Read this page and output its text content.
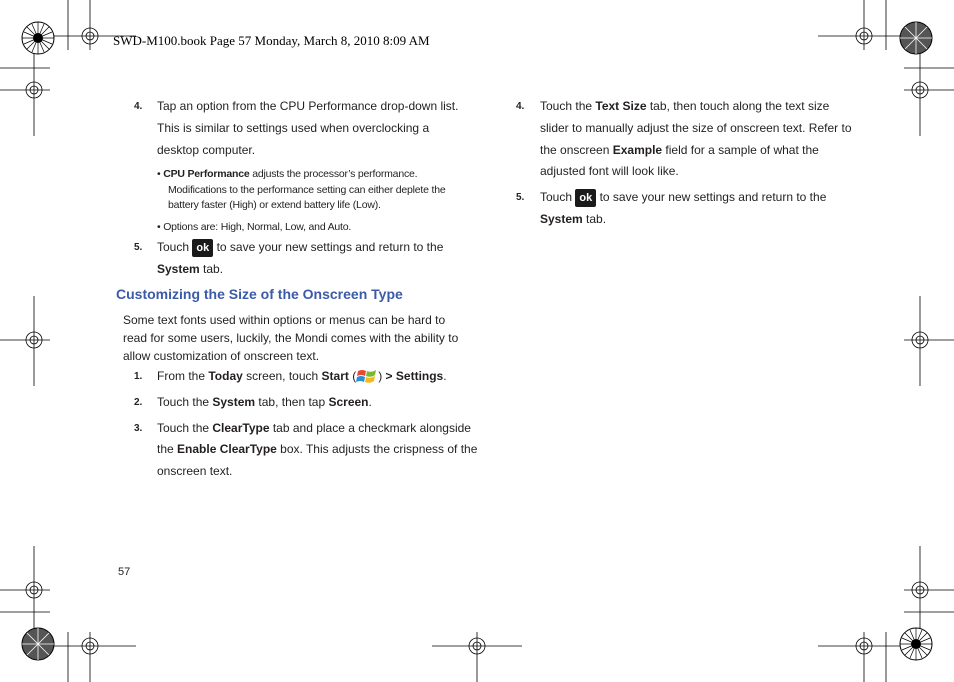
SWD-M100.book Page 57 Monday, March 8, 2010 8:09 AM
4. Tap an option from the CPU Performance drop-down list.
This is similar to settings used when overclocking a
desktop computer.
• CPU Performance adjusts the processor’s performance.
Modifications to the performance setting can either deplete the
battery faster (High) or extend battery life (Low).
• Options are: High, Normal, Low, and Auto.
5. Touch ok to save your new settings and return to the
System tab.
Customizing the Size of the Onscreen Type
Some text fonts used within options or menus can be hard to
read for some users, luckily, the Mondi comes with the ability to
allow customization of onscreen text.
1. From the Today screen, touch Start ( ) > Settings.
2. Touch the System tab, then tap Screen.
3. Touch the ClearType tab and place a checkmark alongside
the Enable ClearType box. This adjusts the crispness of the
onscreen text.
4. Touch the Text Size tab, then touch along the text size
slider to manually adjust the size of onscreen text. Refer to
the onscreen Example field for a sample of what the
adjusted font will look like.
5. Touch ok to save your new settings and return to the
System tab.
57
